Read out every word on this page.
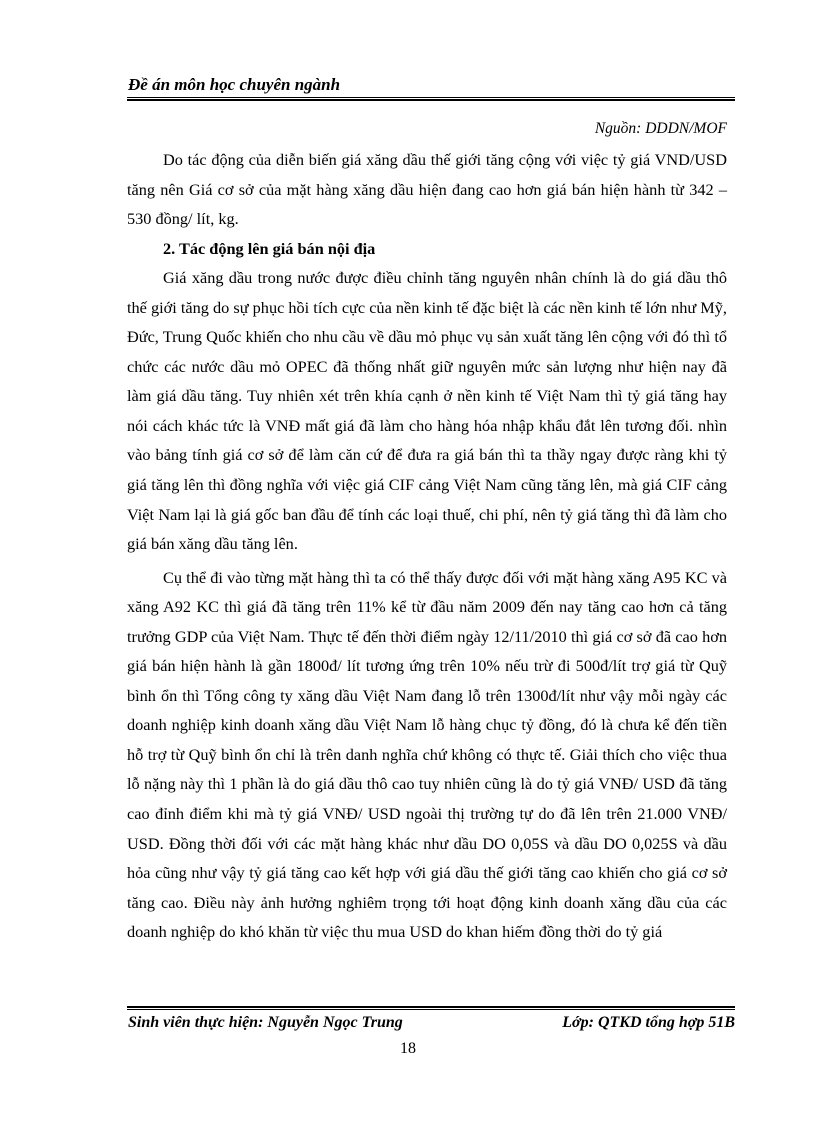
Đề án môn học chuyên ngành
Nguồn: DDDN/MOF

Do tác động của diễn biến giá xăng dầu thế giới tăng cộng với việc tỷ giá VND/USD tăng nên Giá cơ sở của mặt hàng xăng dầu hiện đang cao hơn giá bán hiện hành từ 342 – 530 đồng/ lít, kg.

2. Tác động lên giá bán nội địa

Giá xăng dầu trong nước được điều chỉnh tăng nguyên nhân chính là do giá dầu thô thế giới tăng do sự phục hồi tích cực của nền kinh tế đặc biệt là các nền kinh tế lớn như Mỹ, Đức, Trung Quốc khiến cho nhu cầu về dầu mỏ phục vụ sản xuất tăng lên cộng với đó thì tổ chức các nước dầu mỏ OPEC đã thống nhất giữ nguyên mức sản lượng như hiện nay đã làm giá dầu tăng. Tuy nhiên xét trên khía cạnh ở nền kinh tế Việt Nam thì tỷ giá tăng hay nói cách khác tức là VNĐ mất giá đã làm cho hàng hóa nhập khẩu đắt lên tương đối. nhìn vào bảng tính giá cơ sở để làm căn cứ để đưa ra giá bán thì ta thầy ngay được ràng khi tỷ giá tăng lên thì đồng nghĩa với việc giá CIF cảng Việt Nam cũng tăng lên, mà giá CIF cảng Việt Nam lại là giá gốc ban đầu để tính các loại thuế, chi phí, nên tỷ giá tăng thì đã làm cho giá bán xăng dầu tăng lên.

Cụ thể đi vào từng mặt hàng thì ta có thể thấy được đối với mặt hàng xăng A95 KC và xăng A92 KC thì giá đã tăng trên 11% kể từ đầu năm 2009 đến nay tăng cao hơn cả tăng trưởng GDP của Việt Nam. Thực tế đến thời điểm ngày 12/11/2010 thì giá cơ sở đã cao hơn giá bán hiện hành là gần 1800đ/ lít tương ứng trên 10% nếu trừ đi 500đ/lít trợ giá từ Quỹ bình ổn thì Tổng công ty xăng dầu Việt Nam đang lỗ trên 1300đ/lít như vậy mỗi ngày các doanh nghiệp kinh doanh xăng dầu Việt Nam lỗ hàng chục tỷ đồng, đó là chưa kể đến tiền hỗ trợ từ Quỹ bình ổn chỉ là trên danh nghĩa chứ không có thực tế. Giải thích cho việc thua lỗ nặng này thì 1 phần là do giá dầu thô cao tuy nhiên cũng là do tỷ giá VNĐ/ USD đã tăng cao đỉnh điểm khi mà tỷ giá VNĐ/ USD ngoài thị trường tự do đã lên trên 21.000 VNĐ/ USD. Đồng thời đối với các mặt hàng khác như dầu DO 0,05S và dầu DO 0,025S và dầu hỏa cũng như vậy tỷ giá tăng cao kết hợp với giá dầu thế giới tăng cao khiến cho giá cơ sở tăng cao. Điều này ảnh hưởng nghiêm trọng tới hoạt động kinh doanh xăng dầu của các doanh nghiệp do khó khăn từ việc thu mua USD do khan hiếm đồng thời do tỷ giá

Sinh viên thực hiện: Nguyễn Ngọc Trung	Lớp: QTKD tổng hợp 51B
18
